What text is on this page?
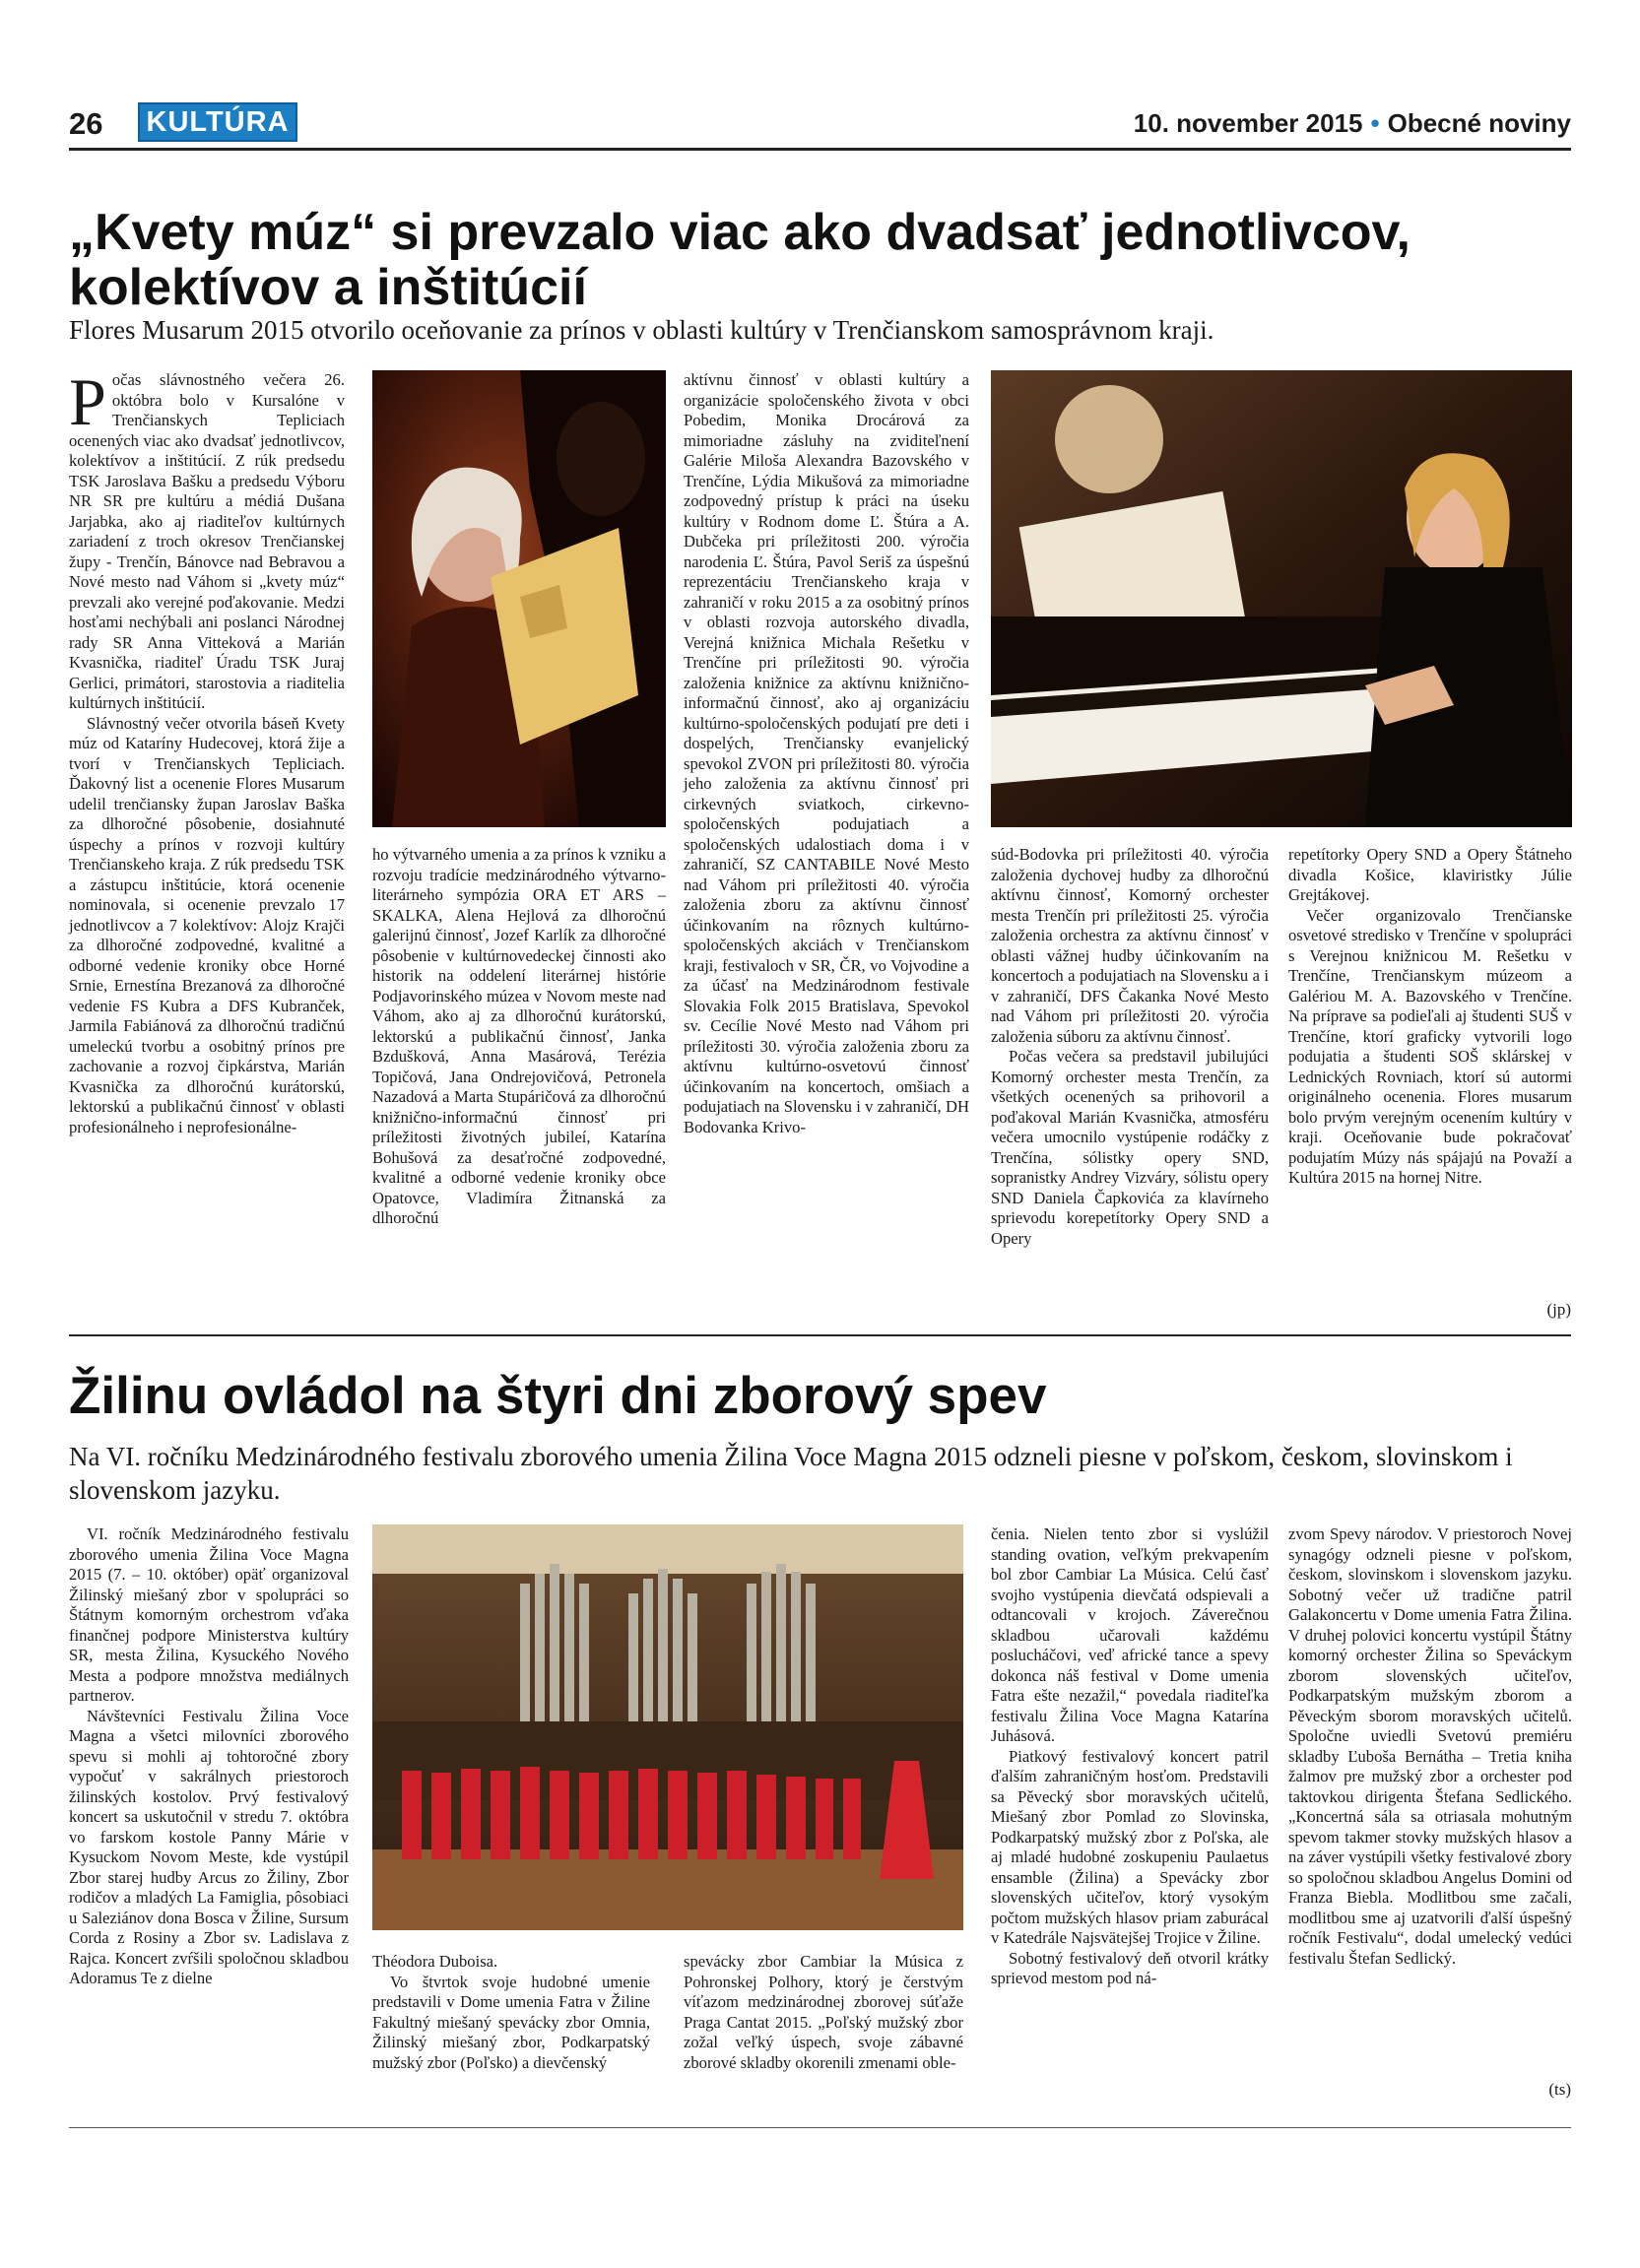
26 KULTÚRA	10. november 2015 • Obecné noviny
„Kvety múz“ si prevzalo viac ako dvadsať jednotlivcov,
kolektívov a inštitúcií
Flores Musarum 2015 otvorilo oceňovanie za prínos v oblasti kultúry v Trenčianskom samosprávnom kraji.

Počas slávnostného večera 26. októbra bolo v Kursalóne v Trenčianskych Tepliciach ocenených viac ako dvadsať jednotlivcov, kolektívov a inštitúcií. Z rúk predsedu TSK Jaroslava Bašku a predsedu Výboru NR SR pre kultúru a médiá Dušana Jarjabka, ako aj riaditeľov kultúrnych zariadení z troch okresov Trenčianskej župy - Trenčín, Bánovce nad Bebravou a Nové mesto nad Váhom si „kvety múz“ prevzali ako verejné poďakovanie. Medzi hosťami nechýbali ani poslanci Národnej rady SR Anna Vitteková a Marián Kvasnička, riaditeľ Úradu TSK Juraj Gerlici, primátori, starostovia a riaditelia kultúrnych inštitúcií.

Slávnostný večer otvorila báseň Kvety múz od Kataríny Hudecovej, ktorá žije a tvorí v Trenčianskych Tepliciach. Ďakovný list a ocenenie Flores Musarum udelil trenčiansky župan Jaroslav Baška za dlhoročné pôsobenie, dosiahnuté úspechy a prínos v rozvoji kultúry Trenčianskeho kraja. Z rúk predsedu TSK a zástupcu inštitúcie, ktorá ocenenie nominovala, si ocenenie prevzalo 17 jednotlivcov a 7 kolektívov: Alojz Krajči za dlhoročné zodpovedné, kvalitné a odborné vedenie kroniky obce Horné Srnie, Ernestína Brezanová za dlhoročné vedenie FS Kubra a DFS Kubranček, Jarmila Fabiánová za dlhoročnú tradičnú umeleckú tvorbu a osobitný prínos pre zachovanie a rozvoj čipkárstva, Marián Kvasnička za dlhoročnú kurátorskú, lektorskú a publikačnú činnosť v oblasti profesionálneho i neprofesionálne-

ho výtvarného umenia a za prínos k vzniku a rozvoju tradície medzinárodného výtvarno-literárneho sympózia ORA ET ARS – SKALKA, Alena Hejlová za dlhoročnú galerijnú činnosť, Jozef Karlík za dlhoročné pôsobenie v kultúrnovedeckej činnosti ako historik na oddelení literárnej histórie Podjavorinského múzea v Novom meste nad Váhom, ako aj za dlhoročnú kurátorskú, lektorskú a publikačnú činnosť, Janka Bzdušková, Anna Masárová, Terézia Topičová, Jana Ondrejovičová, Petronela Nazadová a Marta Stupáričová za dlhoročnú knižnično-informačnú činnosť pri príležitosti životných jubileí, Katarína Bohušová za desaťročné zodpovedné, kvalitné a odborné vedenie kroniky obce Opatovce, Vladimíra Žitnanská za dlhoročnú

aktívnu činnosť v oblasti kultúry a organizácie spoločenského života v obci Pobedim, Monika Drocárová za mimoriadne zásluhy na zviditeľnení Galérie Miloša Alexandra Bazovského v Trenčíne, Lýdia Mikušová za mimoriadne zodpovedný prístup k práci na úseku kultúry v Rodnom dome Ľ. Štúra a A. Dubčeka pri príležitosti 200. výročia narodenia Ľ. Štúra, Pavol Seriš za úspešnú reprezentáciu Trenčianskeho kraja v zahraničí v roku 2015 a za osobitný prínos v oblasti rozvoja autorského divadla, Verejná knižnica Michala Rešetku v Trenčíne pri príležitosti 90. výročia založenia knižnice za aktívnu knižnično-informačnú činnosť, ako aj organizáciu kultúrno-spoločenských podujatí pre deti i dospelých, Trenčiansky evanjelický spevokol ZVON pri príležitosti 80. výročia jeho založenia za aktívnu činnosť pri cirkevných sviatkoch, cirkevno-spoločenských podujatiach a spoločenských udalostiach doma i v zahraničí, SZ CANTABILE Nové Mesto nad Váhom pri príležitosti 40. výročia založenia zboru za aktívnu činnosť účinkovaním na rôznych kultúrno-spoločenských akciách v Trenčianskom kraji, festivaloch v SR, ČR, vo Vojvodine a za účasť na Medzinárodnom festivale Slovakia Folk 2015 Bratislava, Spevokol sv. Cecílie Nové Mesto nad Váhom pri príležitosti 30. výročia založenia zboru za aktívnu kultúrno-osvetovú činnosť účinkovaním na koncertoch, omšiach a podujatiach na Slovensku i v zahraničí, DH Bodovanka Krivo-

súd-Bodovka pri príležitosti 40. výročia založenia dychovej hudby za dlhoročnú aktívnu činnosť, Komorný orchester mesta Trenčín pri príležitosti 25. výročia založenia orchestra za aktívnu činnosť v oblasti vážnej hudby účinkovaním na koncertoch a podujatiach na Slovensku a i v zahraničí, DFS Čakanka Nové Mesto nad Váhom pri príležitosti 20. výročia založenia súboru za aktívnu činnosť.

Počas večera sa predstavil jubilujúci Komorný orchester mesta Trenčín, za všetkých ocenených sa prihovoril a poďakoval Marián Kvasnička, atmosféru večera umocnilo vystúpenie rodáčky z Trenčína, sólistky opery SND, sopranistky Andrey Vizváry, sólistu opery SND Daniela Čapkovića za klavírneho sprievodu korepetítorky Opery SND a Opery

repetítorky Opery SND a Opery Štátneho divadla Košice, klaviristky Júlie Grejtákovej.

Večer organizovalo Trenčianske osvetové stredisko v Trenčíne v spolupráci s Verejnou knižnicou M. Rešetku v Trenčíne, Trenčianskym múzeom a Galériou M. A. Bazovského v Trenčíne. Na príprave sa podieľali aj študenti SUŠ v Trenčíne, ktorí graficky vytvorili logo podujatia a študenti SOŠ sklárskej v Lednických Rovniach, ktorí sú autormi originálneho ocenenia. Flores musarum bolo prvým verejným ocenením kultúry v kraji. Oceňovanie bude pokračovať podujatím Múzy nás spájajú na Považí a Kultúra 2015 na hornej Nitre.

(jp)
Žilinu ovládol na štyri dni zborový spev
Na VI. ročníku Medzinárodného festivalu zborového umenia Žilina Voce Magna 2015 odzneli piesne v poľskom, českom, slovinskom i slovenskom jazyku.

VI. ročník Medzinárodného festivalu zborového umenia Žilina Voce Magna 2015 (7. – 10. október) opäť organizoval Žilinský miešaný zbor v spolupráci so Štátnym komorným orchestrom vďaka finančnej podpore Ministerstva kultúry SR, mesta Žilina, Kysuckého Nového Mesta a podpore množstva mediálnych partnerov.

Návštevníci Festivalu Žilina Voce Magna a všetci milovníci zborového spevu si mohli aj tohtoročné zbory vypočuť v sakrálnych priestoroch žilinských kostolov. Prvý festivalový koncert sa uskutočnil v stredu 7. októbra vo farskom kostole Panny Márie v Kysuckom Novom Meste, kde vystúpil Zbor starej hudby Arcus zo Žiliny, Zbor rodičov a mladých La Famiglia, pôsobiaci u Saleziánov dona Bosca v Žiline, Sursum Corda z Rosiny a Zbor sv. Ladislava z Rajca. Koncert zvŕšili spoločnou skladbou Adoramus Te z dielne

Théodora Duboisa.

Vo štvrtok svoje hudobné umenie predstavili v Dome umenia Fatra v Žiline Fakultný miešaný spevácky zbor Omnia, Žilinský miešaný zbor, Podkarpatský mužský zbor (Poľsko) a dievčenský

spevácky zbor Cambiar la Música z Pohronskej Polhory, ktorý je čerstvým víťazom medzinárodnej zborovej súťaže Praga Cantat 2015. „Poľský mužský zbor zožal veľký úspech, svoje zábavné zborové skladby okorenili zmenami oble-

čenia. Nielen tento zbor si vyslúžil standing ovation, veľkým prekvapením bol zbor Cambiar La Música. Celú časť svojho vystúpenia dievčatá odspievali a odtancovali v krojoch. Záverečnou skladbou učarovali každému poslucháčovi, veď africké tance a spevy dokonca náš festival v Dome umenia Fatra ešte nezažil,“ povedala riaditeľka festivalu Žilina Voce Magna Katarína Juhásová.

Piatkový festivalový koncert patril ďalším zahraničným hosťom. Predstavili sa Pěvecký sbor moravských učitelů, Miešaný zbor Pomlad zo Slovinska, Podkarpatský mužský zbor z Poľska, ale aj mladé hudobné zoskupeniu Paulaetus ensamble (Žilina) a Spevácky zbor slovenských učiteľov, ktorý vysokým počtom mužských hlasov priam zaburácal v Katedrále Najsvätejšej Trojice v Žiline.

Sobotný festivalový deň otvoril krátky sprievod mestom pod ná-

zvom Spevy národov. V priestoroch Novej synagógy odzneli piesne v poľskom, českom, slovinskom i slovenskom jazyku. Sobotný večer už tradične patril Galakoncertu v Dome umenia Fatra Žilina. V druhej polovici koncertu vystúpil Štátny komorný orchester Žilina so Speváckym zborom slovenských učiteľov, Podkarpatským mužským zborom a Pěveckým sborom moravských učitelů. Spoločne uviedli Svetovú premiéru skladby Ľuboša Bernátha – Tretia kniha žalmov pre mužský zbor a orchester pod taktovkou dirigenta Štefana Sedlického. „Koncertná sála sa otriasala mohutným spevom takmer stovky mužských hlasov a na záver vystúpili všetky festivalové zbory so spoločnou skladbou Angelus Domini od Franza Biebla. Modlitbou sme začali, modlitbou sme aj uzatvorili ďalší úspešný ročník Festivalu“, dodal umelecký vedúci festivalu Štefan Sedlický.

(ts)
